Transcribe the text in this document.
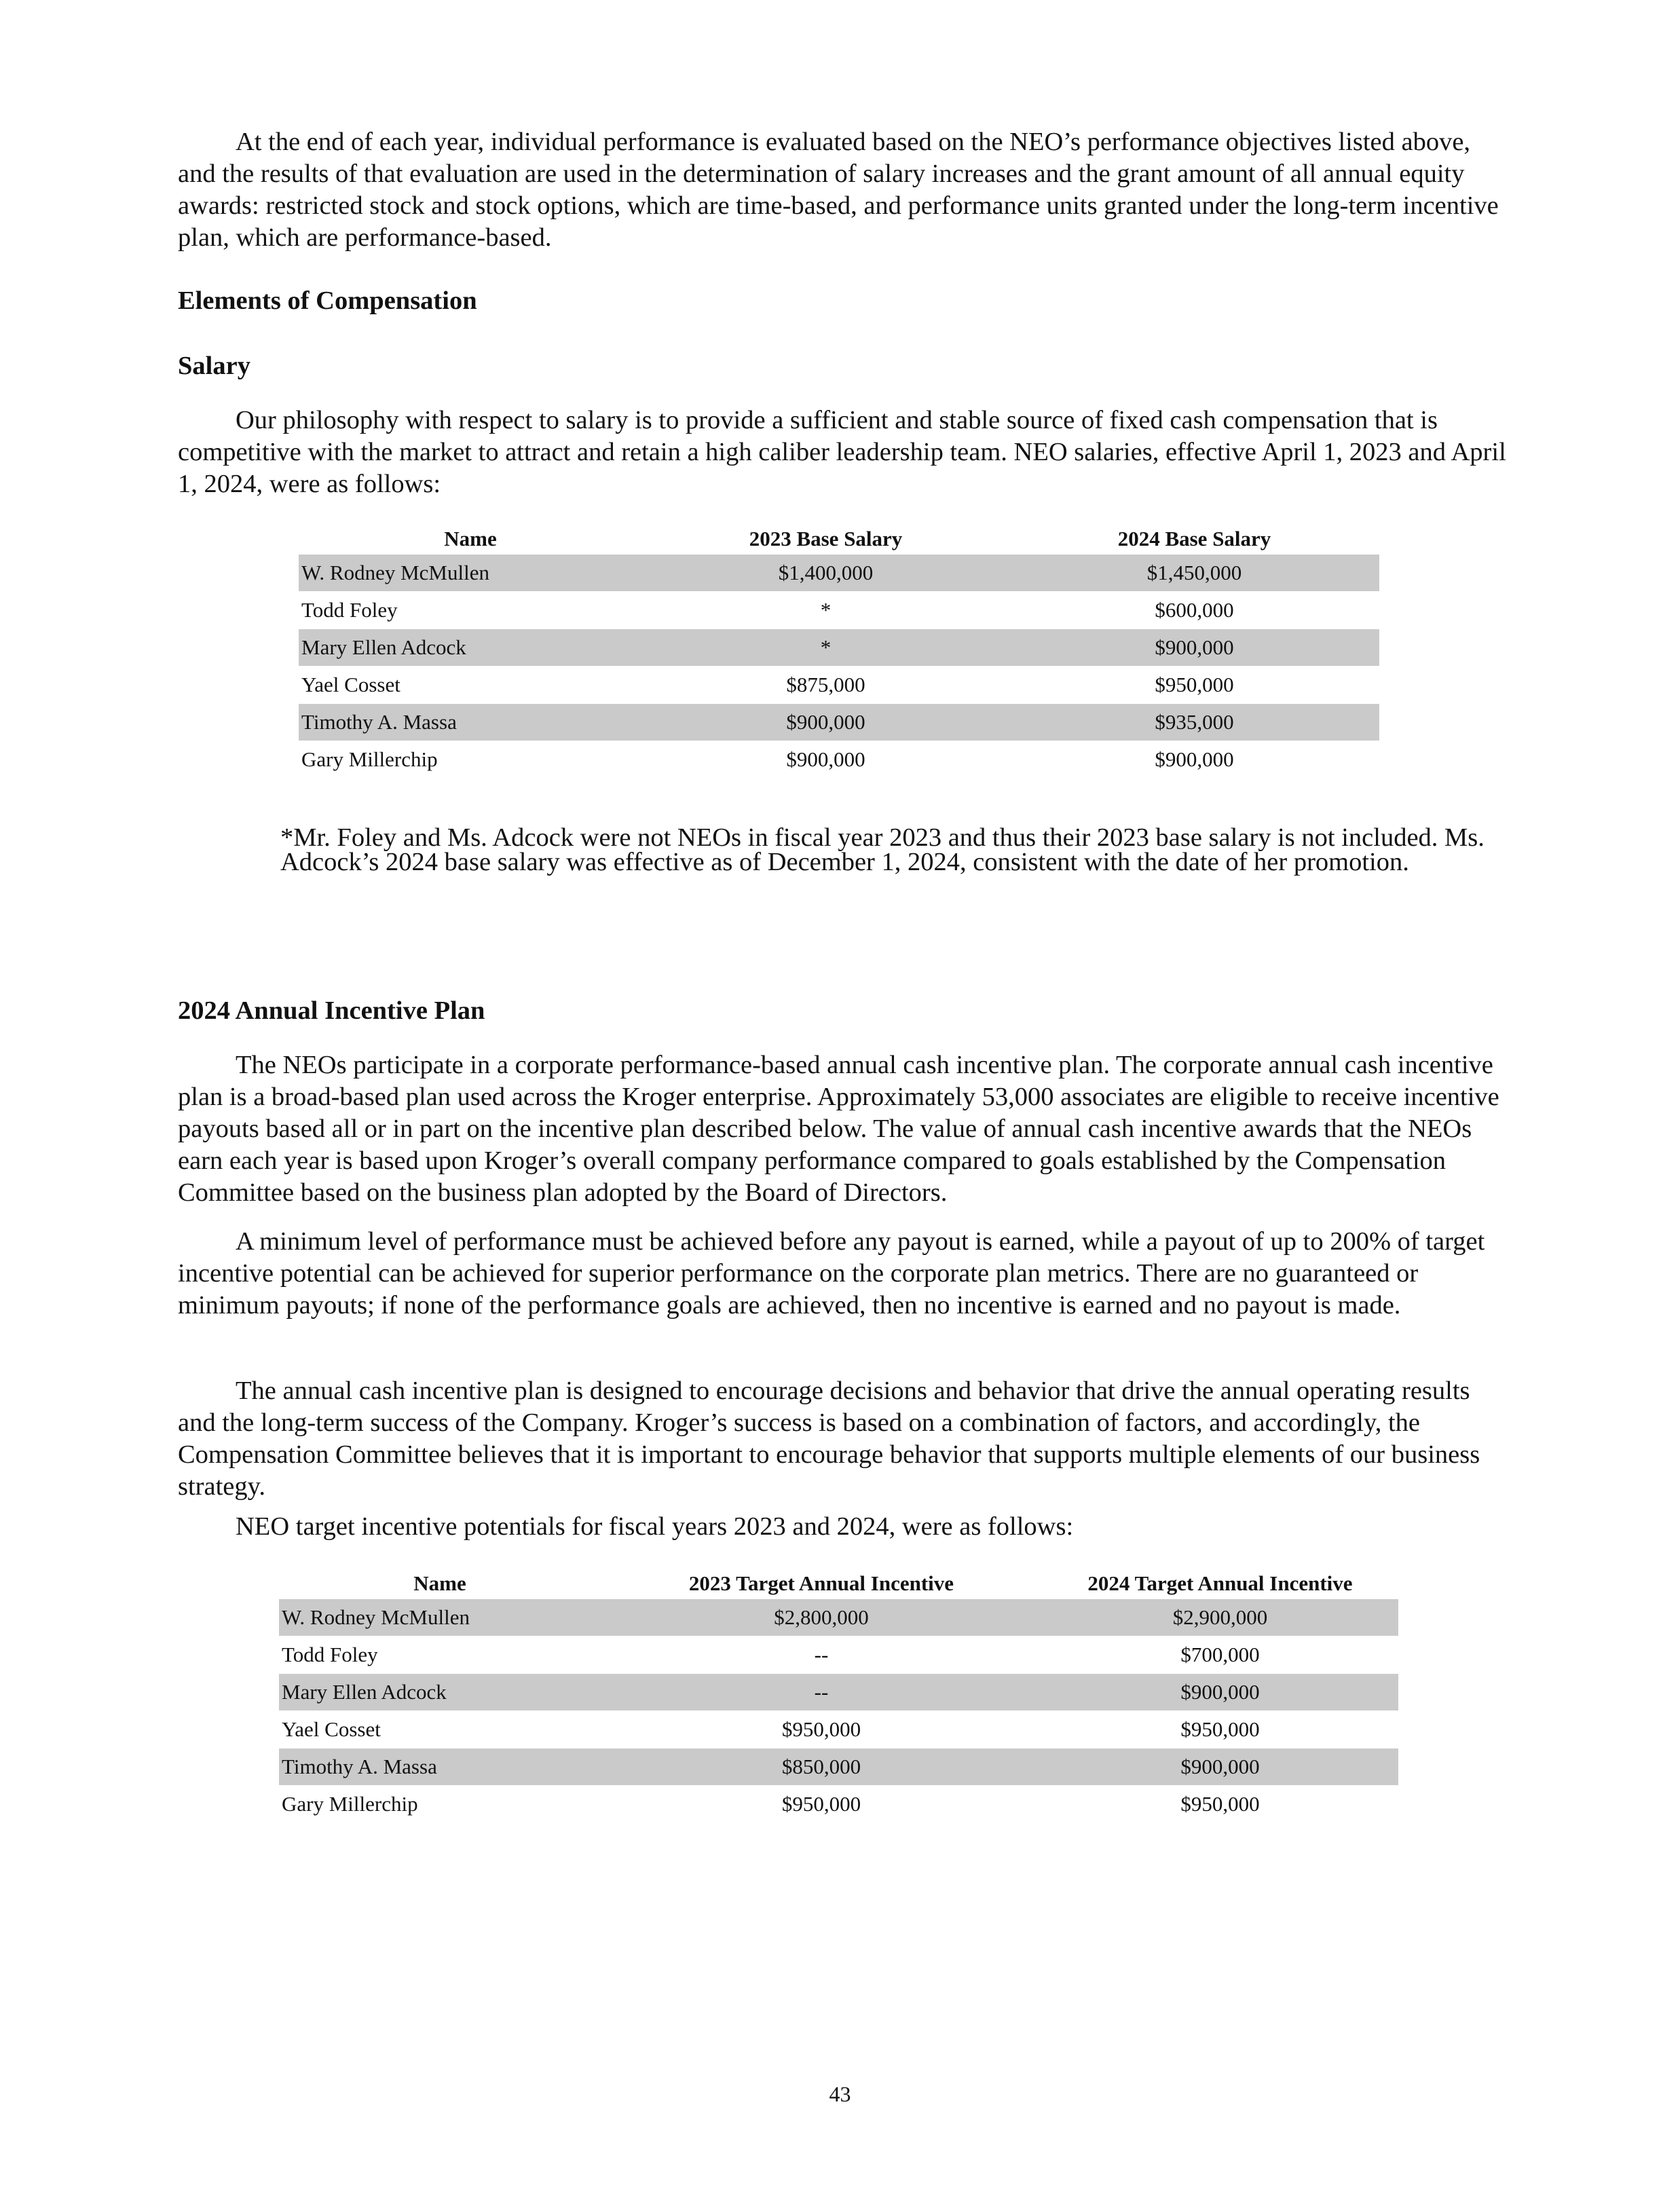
At the end of each year, individual performance is evaluated based on the NEO’s performance objectives listed above, and the results of that evaluation are used in the determination of salary increases and the grant amount of all annual equity awards: restricted stock and stock options, which are time-based, and performance units granted under the long-term incentive plan, which are performance-based.

Elements of Compensation
Salary

Our philosophy with respect to salary is to provide a sufficient and stable source of fixed cash compensation that is competitive with the market to attract and retain a high caliber leadership team. NEO salaries, effective April 1, 2023 and April 1, 2024, were as follows:

Name	2023 Base Salary	2024 Base Salary
W. Rodney McMullen	$1,400,000	$1,450,000
Todd Foley	*	$600,000
Mary Ellen Adcock	*	$900,000
Yael Cosset	$875,000	$950,000
Timothy A. Massa	$900,000	$935,000
Gary Millerchip	$900,000	$900,000

*Mr. Foley and Ms. Adcock were not NEOs in fiscal year 2023 and thus their 2023 base salary is not included. Ms. Adcock’s 2024 base salary was effective as of December 1, 2024, consistent with the date of her promotion.

2024 Annual Incentive Plan

The NEOs participate in a corporate performance-based annual cash incentive plan. The corporate annual cash incentive plan is a broad-based plan used across the Kroger enterprise. Approximately 53,000 associates are eligible to receive incentive payouts based all or in part on the incentive plan described below. The value of annual cash incentive awards that the NEOs earn each year is based upon Kroger’s overall company performance compared to goals established by the Compensation Committee based on the business plan adopted by the Board of Directors.

A minimum level of performance must be achieved before any payout is earned, while a payout of up to 200% of target incentive potential can be achieved for superior performance on the corporate plan metrics. There are no guaranteed or minimum payouts; if none of the performance goals are achieved, then no incentive is earned and no payout is made.

The annual cash incentive plan is designed to encourage decisions and behavior that drive the annual operating results and the long-term success of the Company. Kroger’s success is based on a combination of factors, and accordingly, the Compensation Committee believes that it is important to encourage behavior that supports multiple elements of our business strategy.

NEO target incentive potentials for fiscal years 2023 and 2024, were as follows:

Name	2023 Target Annual Incentive	2024 Target Annual Incentive
W. Rodney McMullen	$2,800,000	$2,900,000
Todd Foley	--	$700,000
Mary Ellen Adcock	--	$900,000
Yael Cosset	$950,000	$950,000
Timothy A. Massa	$850,000	$900,000
Gary Millerchip	$950,000	$950,000
43
